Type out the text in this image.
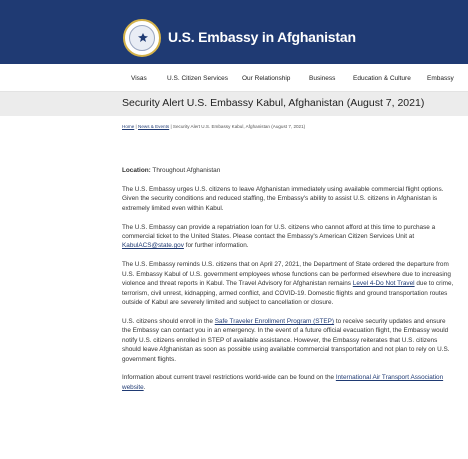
U.S. Embassy in Afghanistan
Visas	U.S. Citizen Services Our Relationship	Business	Education & Culture Embassy
Security Alert U.S. Embassy Kabul, Afghanistan (August 7, 2021)
Home | News & Events | Security Alert U.S. Embassy Kabul, Afghanistan (August 7, 2021)

Location: Throughout Afghanistan

The U.S. Embassy urges U.S. citizens to leave Afghanistan immediately using available commercial flight options. Given the security conditions and reduced staffing, the Embassy's ability to assist U.S. citizens in Afghanistan is extremely limited even within Kabul.

The U.S. Embassy can provide a repatriation loan for U.S. citizens who cannot afford at this time to purchase a commercial ticket to the United States. Please contact the Embassy's American Citizen Services Unit at KabulACS@state.gov for further information.

The U.S. Embassy reminds U.S. citizens that on April 27, 2021, the Department of State ordered the departure from U.S. Embassy Kabul of U.S. government employees whose functions can be performed elsewhere due to increasing violence and threat reports in Kabul. The Travel Advisory for Afghanistan remains Level 4-Do Not Travel due to crime, terrorism, civil unrest, kidnapping, armed conflict, and COVID-19. Domestic flights and ground transportation routes outside of Kabul are severely limited and subject to cancellation or closure.

U.S. citizens should enroll in the Safe Traveler Enrollment Program (STEP) to receive security updates and ensure the Embassy can contact you in an emergency. In the event of a future official evacuation flight, the Embassy would notify U.S. citizens enrolled in STEP of available assistance. However, the Embassy reiterates that U.S. citizens should leave Afghanistan as soon as possible using available commercial transportation and not plan to rely on U.S. government flights.

Information about current travel restrictions world-wide can be found on the International Air Transport Association website.
